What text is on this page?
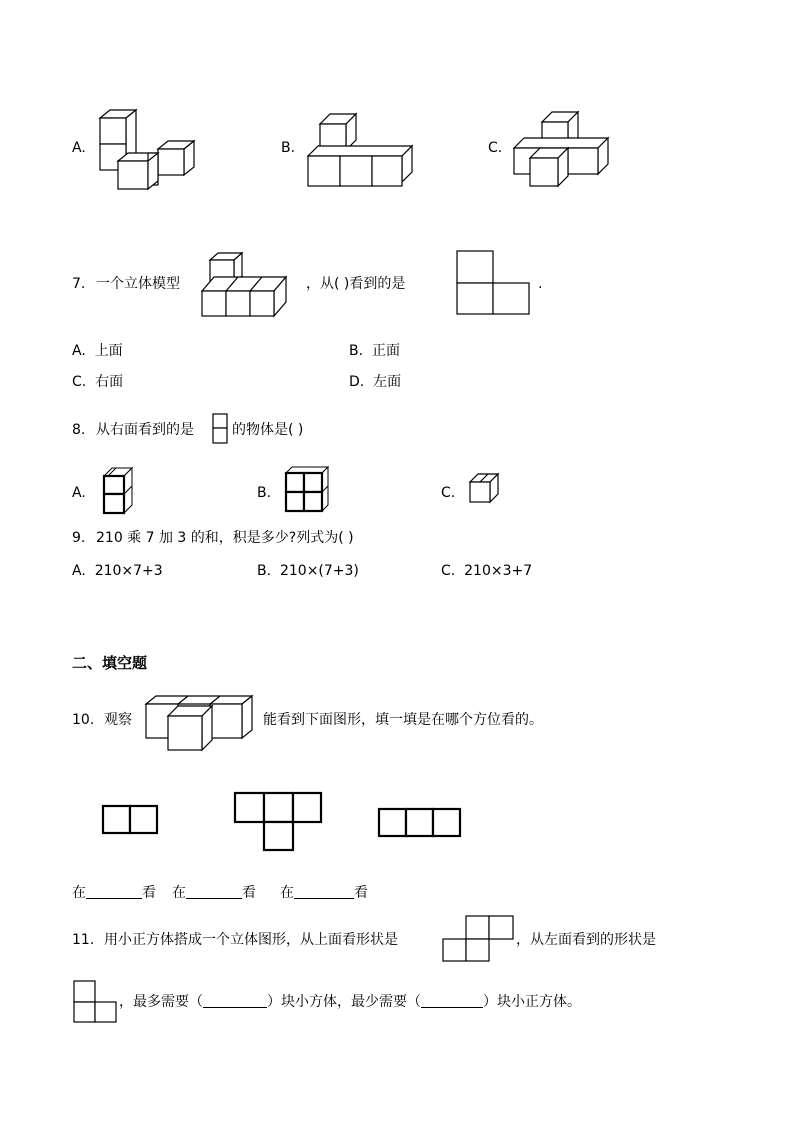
A.	B.	C.
7. 一个立体模型	，从( )看到的是	.
A. 上面	B. 正面
C. 右面	D. 左面
8. 从右面看到的是	的物体是( )
A.	B.	C.
9. 210 乘 7 加 3 的和，积是多少?列式为( )
A. 210×7+3	B. 210×(7+3)	C. 210×3+7
二、填空题
10. 观察	能看到下面图形，填一填是在哪个方位看的。
在	看 在	看 在	看
11. 用小正方体搭成一个立体图形，从上面看形状是	，从左面看到的形状是
，最多需要（	）块小方体，最少需要（	）块小正方体。
